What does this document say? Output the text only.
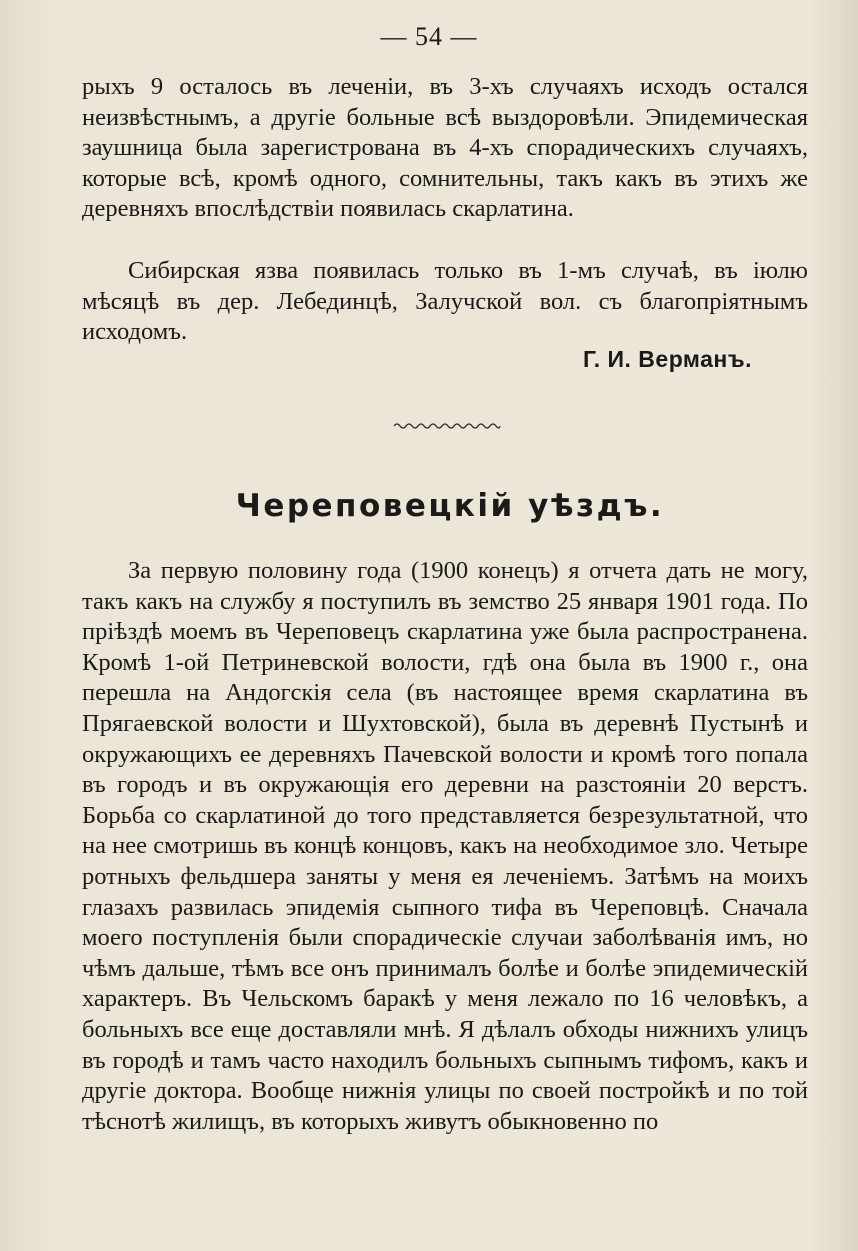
— 54 —

рыхъ 9 осталось въ леченіи, въ 3-хъ случаяхъ исходъ остался неизвѣстнымъ, а другіе больные всѣ выздоровѣли. Эпидемическая заушница была зарегистрована въ 4-хъ спорадическихъ случаяхъ, которые всѣ, кромѣ одного, сомнительны, такъ какъ въ этихъ же деревняхъ впослѣдствіи появилась скарлатина.

Сибирская язва появилась только въ 1-мъ случаѣ, въ іюлю мѣсяцѣ въ дер. Лебединцѣ, Залучской вол. съ благопріятнымъ исходомъ.

Г. И. Верманъ.
Череповецкій уѣздъ.

За первую половину года (1900 конецъ) я отчета дать не могу, такъ какъ на службу я поступилъ въ земство 25 января 1901 года. По пріѣздѣ моемъ въ Череповецъ скарлатина уже была распространена. Кромѣ 1-ой Петриневской волости, гдѣ она была въ 1900 г., она перешла на Андогскія села (въ настоящее время скарлатина въ Прягаевской волости и Шухтовской), была въ деревнѣ Пустынѣ и окружающихъ ее деревняхъ Пачевской волости и кромѣ того попала въ городъ и въ окружающія его деревни на разстояніи 20 верстъ. Борьба со скарлатиной до того представляется безрезультатной, что на нее смотришь въ концѣ концовъ, какъ на необходимое зло. Четыре ротныхъ фельдшера заняты у меня ея леченіемъ. Затѣмъ на моихъ глазахъ развилась эпидемія сыпного тифа въ Череповцѣ. Сначала моего поступленія были спорадическіе случаи заболѣванія имъ, но чѣмъ дальше, тѣмъ все онъ принималъ болѣе и болѣе эпидемическій характеръ. Въ Чельскомъ баракѣ у меня лежало по 16 человѣкъ, а больныхъ все еще доставляли мнѣ. Я дѣлалъ обходы нижнихъ улицъ въ городѣ и тамъ часто находилъ больныхъ сыпнымъ тифомъ, какъ и другіе доктора. Вообще нижнія улицы по своей постройкѣ и по той тѣснотѣ жилищъ, въ которыхъ живутъ обыкновенно по
